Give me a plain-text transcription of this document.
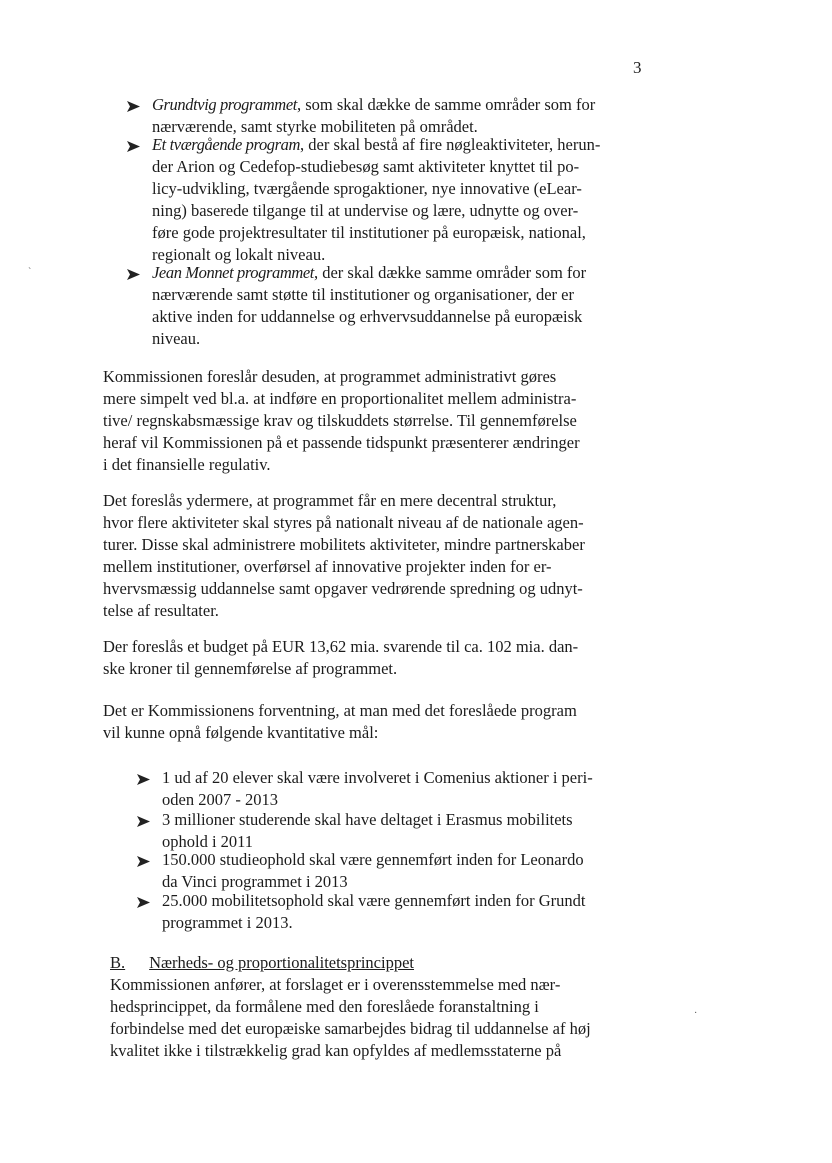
3
Grundtvig programmet, som skal dække de samme områder som for
nærværende, samt styrke mobiliteten på området.
Et tværgående program, der skal bestå af fire nøgleaktiviteter, herun-
der Arion og Cedefop-studiebesøg samt aktiviteter knyttet til po-
licy-udvikling, tværgående sprogaktioner, nye innovative (eLear-
ning) baserede tilgange til at undervise og lære, udnytte og over-
føre gode projektresultater til institutioner på europæisk, national,
regionalt og lokalt niveau.
Jean Monnet programmet, der skal dække samme områder som for
nærværende samt støtte til institutioner og organisationer, der er
aktive inden for uddannelse og erhvervsuddannelse på europæisk
niveau.
˴
Kommissionen foreslår desuden, at programmet administrativt gøres
mere simpelt ved bl.a. at indføre en proportionalitet mellem administra-
tive/ regnskabsmæssige krav og tilskuddets størrelse. Til gennemførelse
heraf vil Kommissionen på et passende tidspunkt præsenterer ændringer
i det finansielle regulativ.
Det foreslås ydermere, at programmet får en mere decentral struktur,
hvor flere aktiviteter skal styres på nationalt niveau af de nationale agen-
turer. Disse skal administrere mobilitets aktiviteter, mindre partnerskaber
mellem institutioner, overførsel af innovative projekter inden for er-
hvervsmæssig uddannelse samt opgaver vedrørende spredning og udnyt-
telse af resultater.
Der foreslås et budget på EUR 13,62 mia. svarende til ca. 102 mia. dan-
ske kroner til gennemførelse af programmet.
Det er Kommissionens forventning, at man med det foreslåede program
vil kunne opnå følgende kvantitative mål:
1 ud af 20 elever skal være involveret i Comenius aktioner i peri-
oden 2007 - 2013
3 millioner studerende skal have deltaget i Erasmus mobilitets
ophold i 2011
150.000 studieophold skal være gennemført inden for Leonardo
da Vinci programmet i 2013
25.000 mobilitetsophold skal være gennemført inden for Grundt
programmet i 2013.
B. Nærheds- og proportionalitetsprincippet
Kommissionen anfører, at forslaget er i overensstemmelse med nær-
hedsprincippet, da formålene med den foreslåede foranstaltning i
forbindelse med det europæiske samarbejdes bidrag til uddannelse af høj
kvalitet ikke i tilstrækkelig grad kan opfyldes af medlemsstaterne på
·
